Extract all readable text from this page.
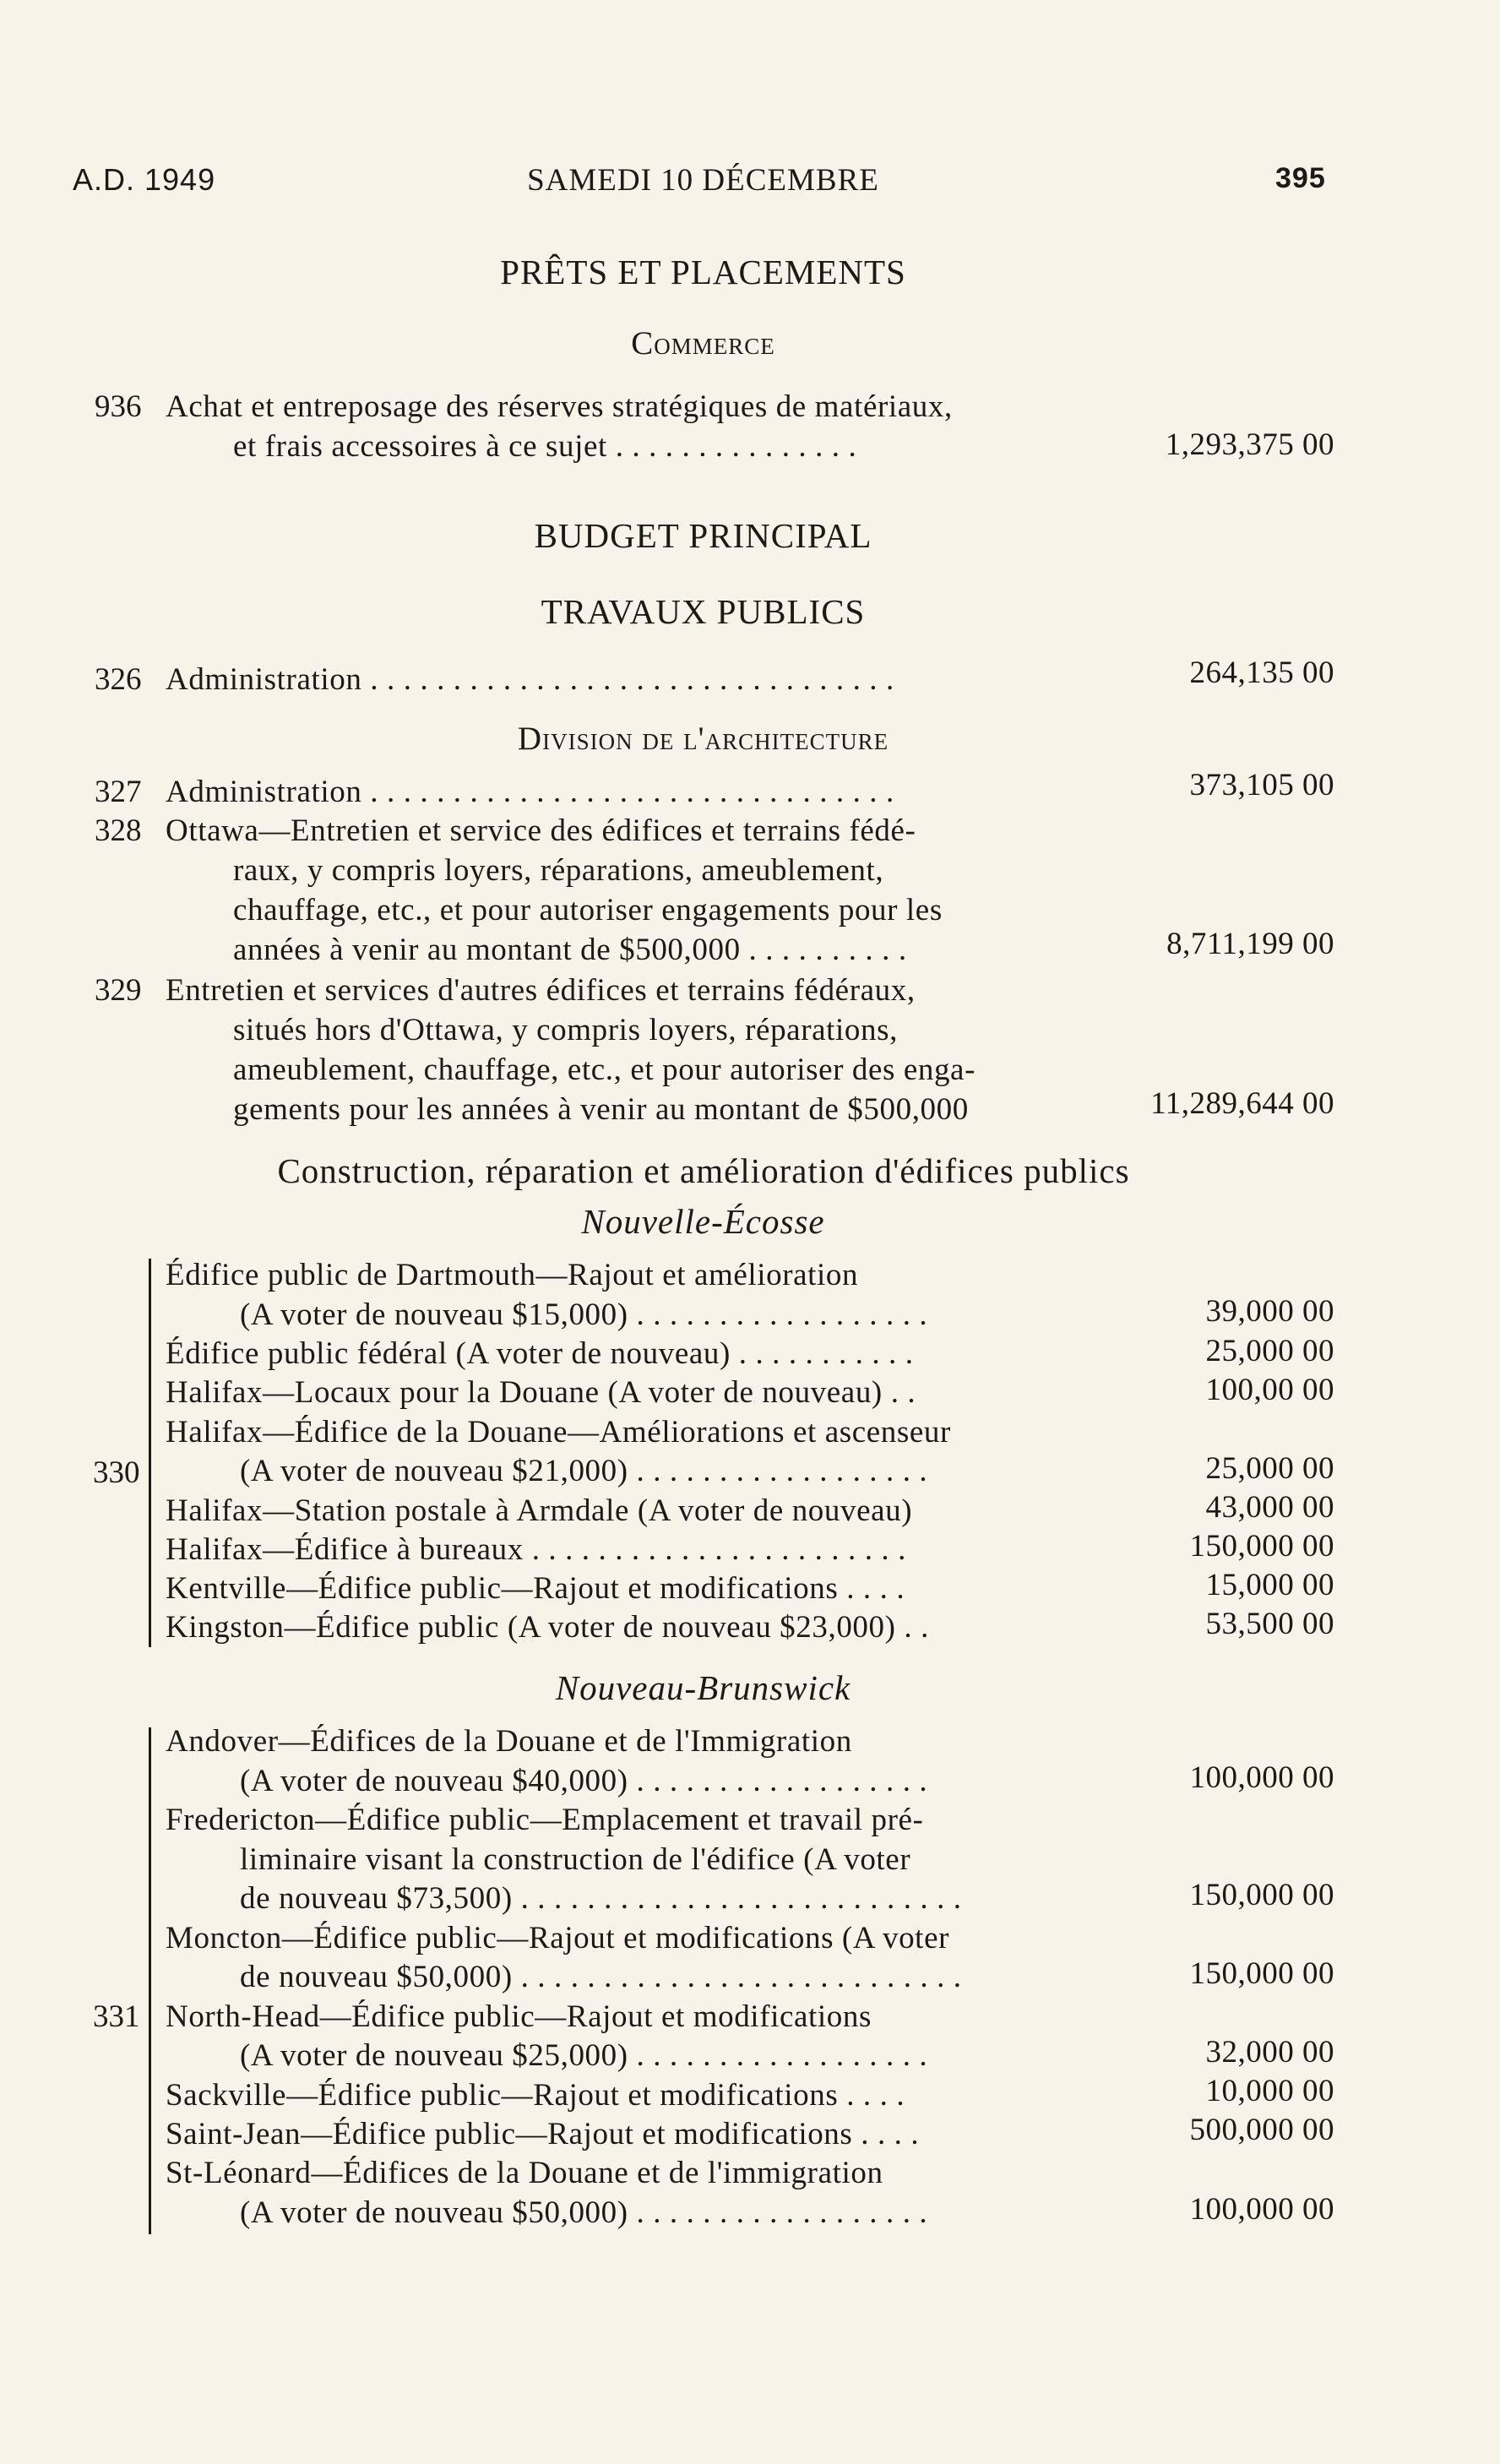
A.D. 1949	SAMEDI 10 DÉCEMBRE	395
PRÊTS ET PLACEMENTS
Commerce
936 Achat et entreposage des réserves stratégiques de matériaux,
et frais accessoires à ce sujet . . . . . . . . . . . . . . .	1,293,375 00
BUDGET PRINCIPAL
TRAVAUX PUBLICS
326 Administration . . . . . . . . . . . . . . . . . . . . . . . . . . . . . . . .	264,135 00
Division de l'architecture
327 Administration . . . . . . . . . . . . . . . . . . . . . . . . . . . . . . . .	373,105 00
328 Ottawa—Entretien et service des édifices et terrains fédé-
raux, y compris loyers, réparations, ameublement,
chauffage, etc., et pour autoriser engagements pour les
années à venir au montant de $500,000 . . . . . . . . . .	8,711,199 00
329 Entretien et services d'autres édifices et terrains fédéraux,
situés hors d'Ottawa, y compris loyers, réparations,
ameublement, chauffage, etc., et pour autoriser des enga-
gements pour les années à venir au montant de $500,000	11,289,644 00
Construction, réparation et amélioration d'édifices publics
Nouvelle-Écosse
330
Édifice public de Dartmouth—Rajout et amélioration
(A voter de nouveau $15,000) . . . . . . . . . . . . . . . . . .	39,000 00
Édifice public fédéral (A voter de nouveau) . . . . . . . . . . .	25,000 00
Halifax—Locaux pour la Douane (A voter de nouveau) . .	100,00 00
Halifax—Édifice de la Douane—Améliorations et ascenseur
(A voter de nouveau $21,000) . . . . . . . . . . . . . . . . . .	25,000 00
Halifax—Station postale à Armdale (A voter de nouveau)	43,000 00
Halifax—Édifice à bureaux . . . . . . . . . . . . . . . . . . . . . . .	150,000 00
Kentville—Édifice public—Rajout et modifications . . . .	15,000 00
Kingston—Édifice public (A voter de nouveau $23,000) . .	53,500 00
Nouveau-Brunswick
331
Andover—Édifices de la Douane et de l'Immigration
(A voter de nouveau $40,000) . . . . . . . . . . . . . . . . . .	100,000 00
Fredericton—Édifice public—Emplacement et travail pré-
liminaire visant la construction de l'édifice (A voter
de nouveau $73,500) . . . . . . . . . . . . . . . . . . . . . . . . . . .	150,000 00
Moncton—Édifice public—Rajout et modifications (A voter
de nouveau $50,000) . . . . . . . . . . . . . . . . . . . . . . . . . . .	150,000 00
North-Head—Édifice public—Rajout et modifications
(A voter de nouveau $25,000) . . . . . . . . . . . . . . . . . .	32,000 00
Sackville—Édifice public—Rajout et modifications . . . .	10,000 00
Saint-Jean—Édifice public—Rajout et modifications . . . .	500,000 00
St-Léonard—Édifices de la Douane et de l'immigration
(A voter de nouveau $50,000) . . . . . . . . . . . . . . . . . .	100,000 00
